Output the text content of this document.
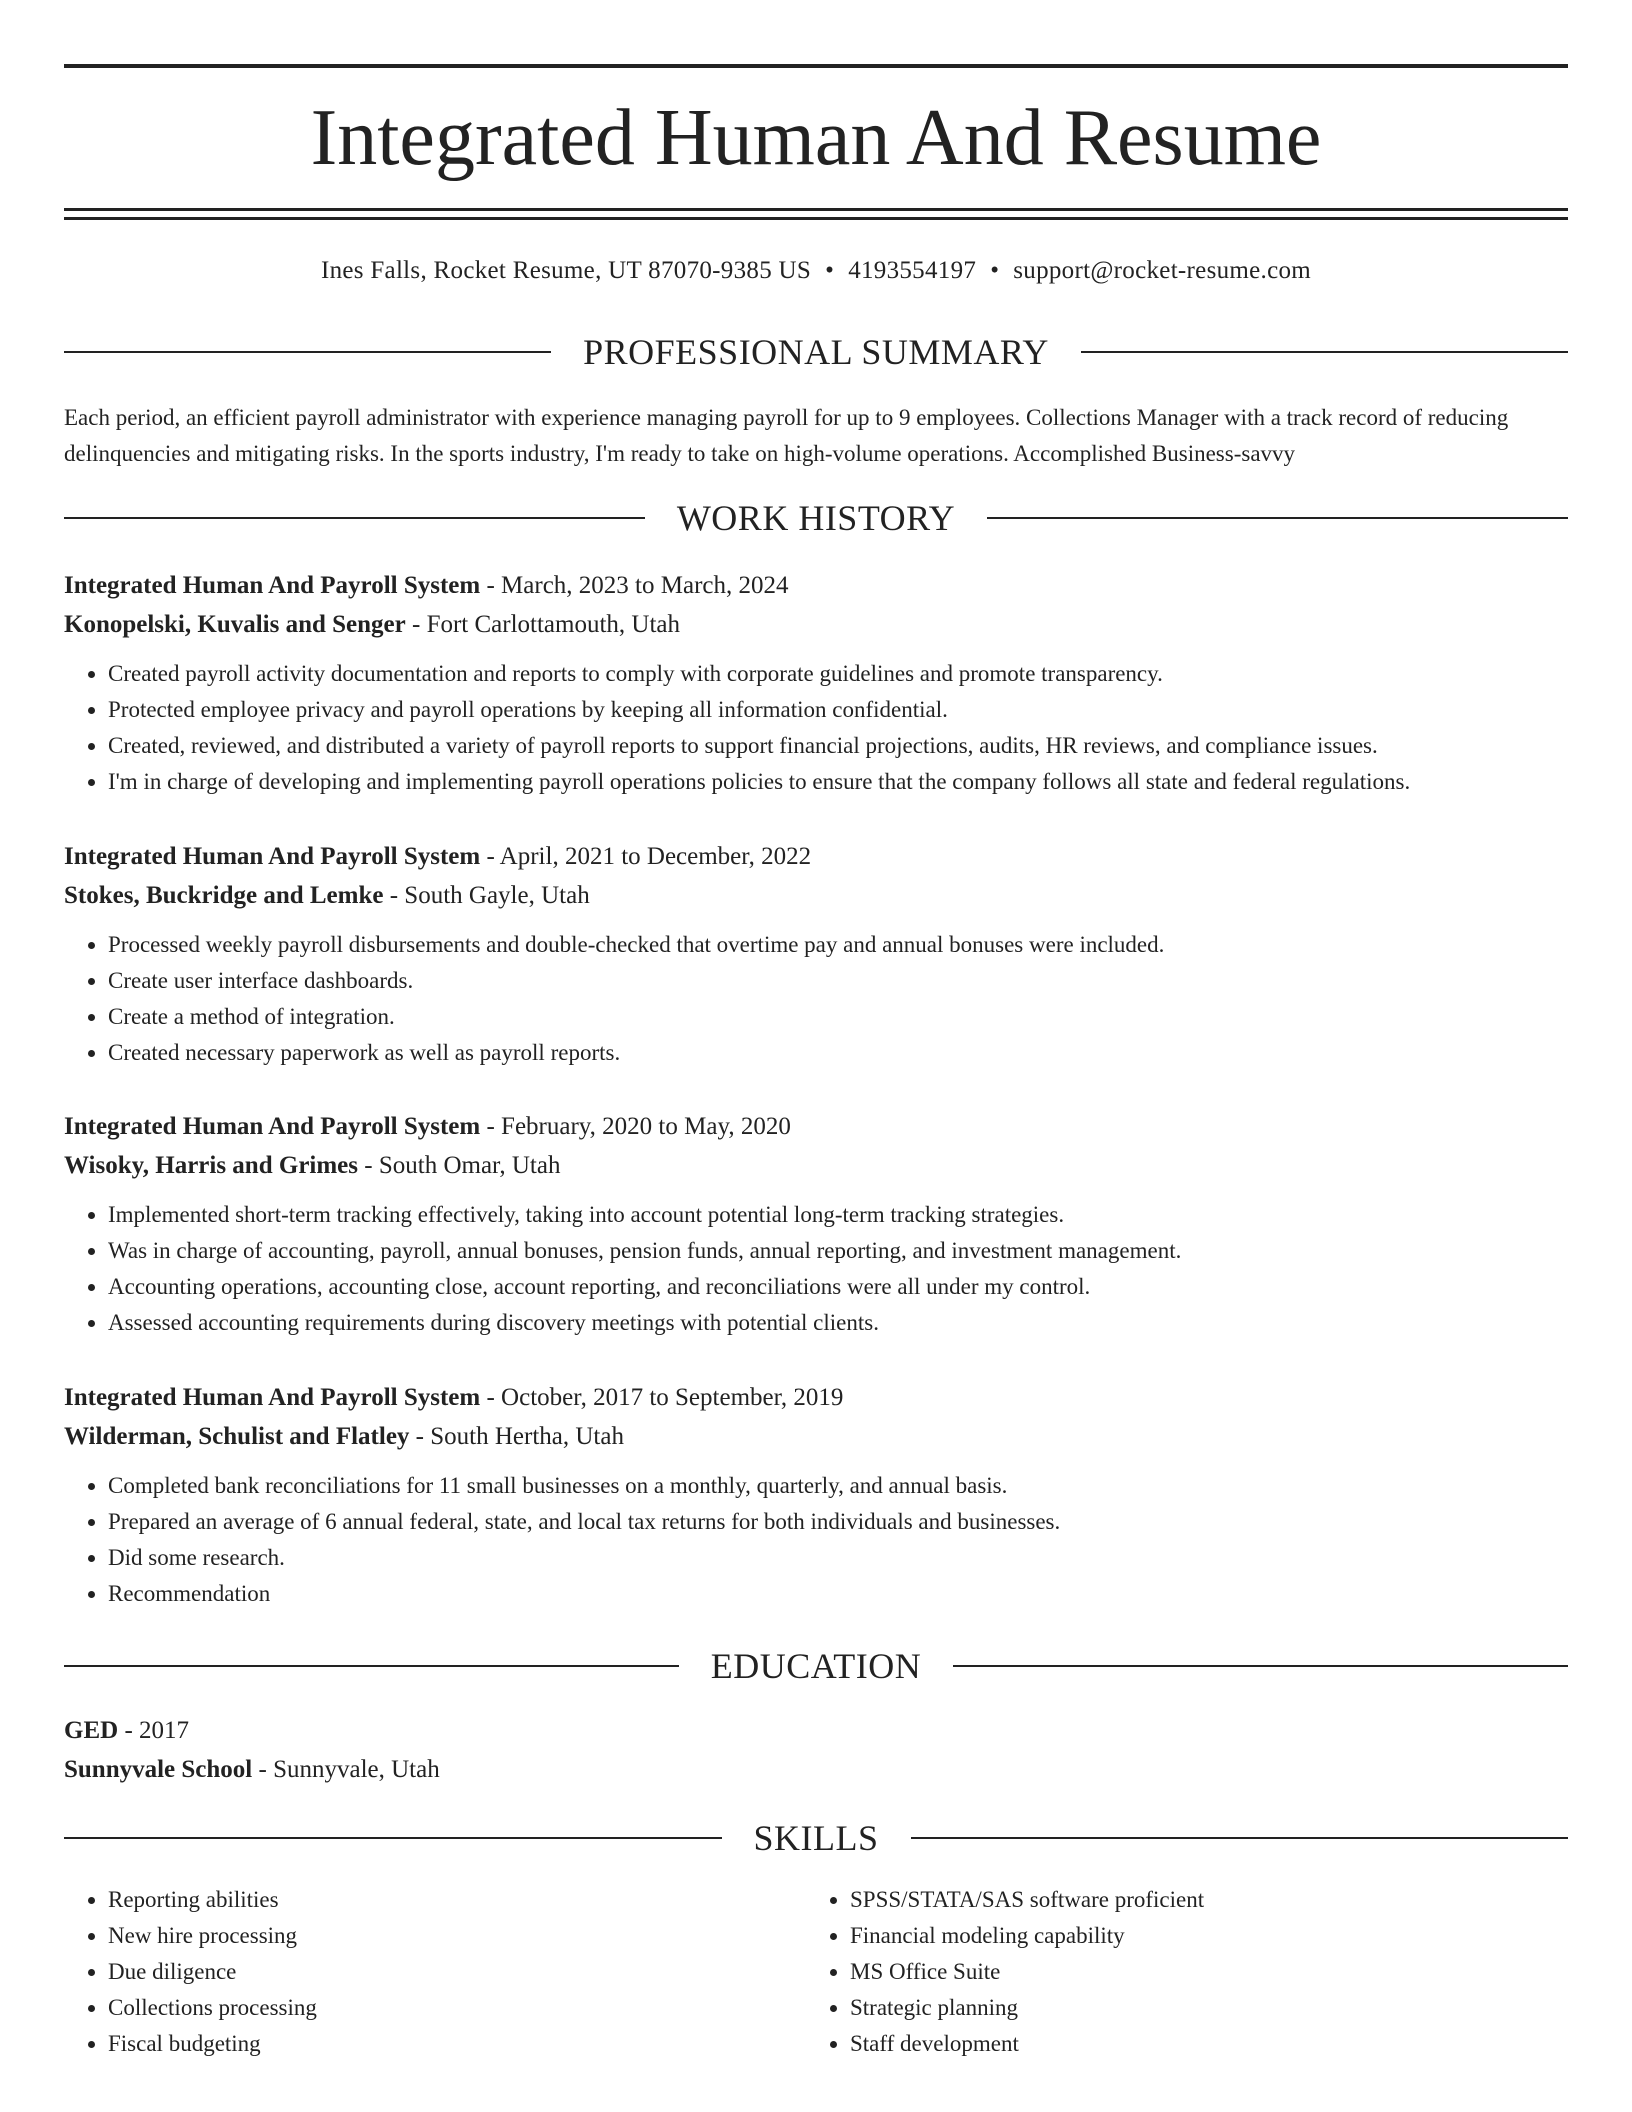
Integrated Human And Resume
Ines Falls, Rocket Resume, UT 87070-9385 US • 4193554197 • support@rocket-resume.com
PROFESSIONAL SUMMARY

Each period, an efficient payroll administrator with experience managing payroll for up to 9 employees. Collections Manager with a track record of reducing delinquencies and mitigating risks. In the sports industry, I'm ready to take on high-volume operations. Accomplished Business-savvy

WORK HISTORY

Integrated Human And Payroll System - March, 2023 to March, 2024

Konopelski, Kuvalis and Senger - Fort Carlottamouth, Utah

• Created payroll activity documentation and reports to comply with corporate guidelines and promote transparency.
• Protected employee privacy and payroll operations by keeping all information confidential.
• Created, reviewed, and distributed a variety of payroll reports to support financial projections, audits, HR reviews, and compliance issues.
• I'm in charge of developing and implementing payroll operations policies to ensure that the company follows all state and federal regulations.

Integrated Human And Payroll System - April, 2021 to December, 2022

Stokes, Buckridge and Lemke - South Gayle, Utah

• Processed weekly payroll disbursements and double-checked that overtime pay and annual bonuses were included.
• Create user interface dashboards.
• Create a method of integration.
• Created necessary paperwork as well as payroll reports.

Integrated Human And Payroll System - February, 2020 to May, 2020

Wisoky, Harris and Grimes - South Omar, Utah

• Implemented short-term tracking effectively, taking into account potential long-term tracking strategies.
• Was in charge of accounting, payroll, annual bonuses, pension funds, annual reporting, and investment management.
• Accounting operations, accounting close, account reporting, and reconciliations were all under my control.
• Assessed accounting requirements during discovery meetings with potential clients.

Integrated Human And Payroll System - October, 2017 to September, 2019

Wilderman, Schulist and Flatley - South Hertha, Utah

• Completed bank reconciliations for 11 small businesses on a monthly, quarterly, and annual basis.
• Prepared an average of 6 annual federal, state, and local tax returns for both individuals and businesses.
• Did some research.
• Recommendation
EDUCATION

GED - 2017

Sunnyvale School - Sunnyvale, Utah

SKILLS
• Reporting abilities
• New hire processing
• Due diligence
• Collections processing
• Fiscal budgeting
• SPSS/STATA/SAS software proficient
• Financial modeling capability
• MS Office Suite
• Strategic planning
• Staff development
